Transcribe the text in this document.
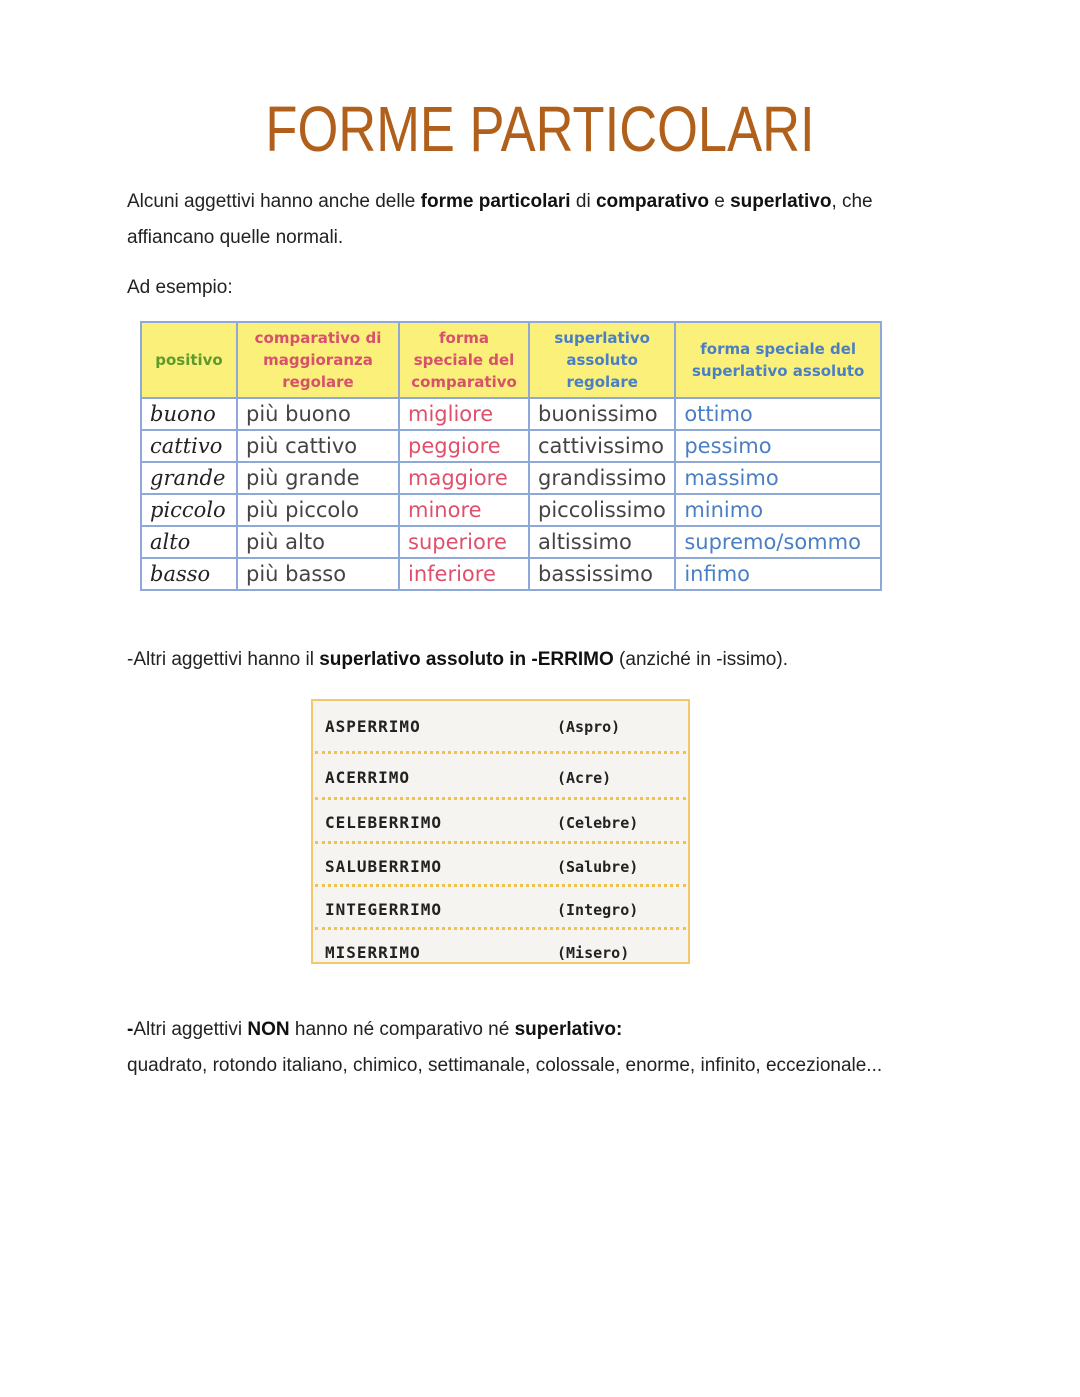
FORME PARTICOLARI
Alcuni aggettivi hanno anche delle forme particolari di comparativo e superlativo, che affiancano quelle normali.
Ad esempio:
positivo	comparativo di maggioranza regolare	forma speciale del comparativo	superlativo assoluto regolare	forma speciale del superlativo assoluto
buono	più buono	migliore	buonissimo	ottimo
cattivo	più cattivo	peggiore	cattivissimo	pessimo
grande	più grande	maggiore	grandissimo	massimo
piccolo	più piccolo	minore	piccolissimo	minimo
alto	più alto	superiore	altissimo	supremo/sommo
basso	più basso	inferiore	bassissimo	infimo
-Altri aggettivi hanno il superlativo assoluto in -ERRIMO (anziché in -issimo).
ASPERRIMO	(Aspro)
ACERRIMO	(Acre)
CELEBERRIMO	(Celebre)
SALUBERRIMO	(Salubre)
INTEGERRIMO	(Integro)
MISERRIMO	(Misero)
-Altri aggettivi NON hanno né comparativo né superlativo:
quadrato, rotondo italiano, chimico, settimanale, colossale, enorme, infinito, eccezionale...
